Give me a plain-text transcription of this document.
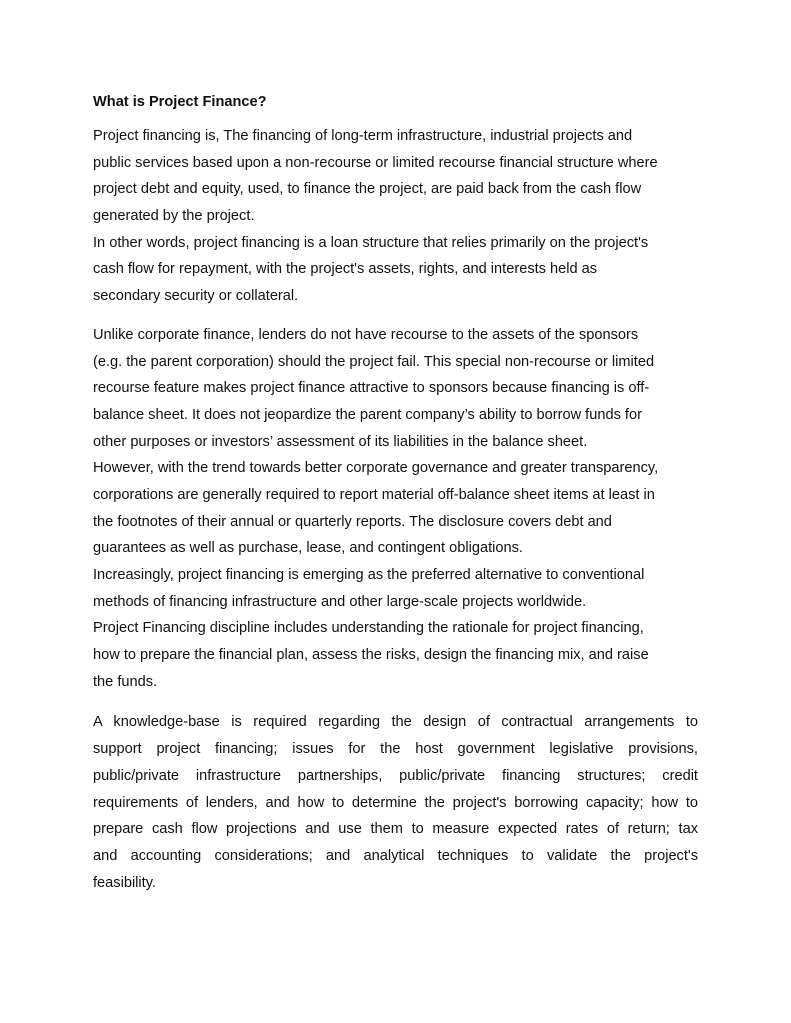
What is Project Finance?
Project financing is, The financing of long-term infrastructure, industrial projects and
public services based upon a non-recourse or limited recourse financial structure where
project debt and equity, used, to finance the project, are paid back from the cash flow
generated by the project.
In other words, project financing is a loan structure that relies primarily on the project's
cash flow for repayment, with the project's assets, rights, and interests held as
secondary security or collateral.
Unlike corporate finance, lenders do not have recourse to the assets of the sponsors
(e.g. the parent corporation) should the project fail. This special non-recourse or limited
recourse feature makes project finance attractive to sponsors because financing is off-
balance sheet. It does not jeopardize the parent company’s ability to borrow funds for
other purposes or investors’ assessment of its liabilities in the balance sheet.
However, with the trend towards better corporate governance and greater transparency,
corporations are generally required to report material off-balance sheet items at least in
the footnotes of their annual or quarterly reports. The disclosure covers debt and
guarantees as well as purchase, lease, and contingent obligations.
Increasingly, project financing is emerging as the preferred alternative to conventional
methods of financing infrastructure and other large-scale projects worldwide.
Project Financing discipline includes understanding the rationale for project financing,
how to prepare the financial plan, assess the risks, design the financing mix, and raise
the funds.
A knowledge-base is required regarding the design of contractual arrangements to
support project financing; issues for the host government legislative provisions,
public/private infrastructure partnerships, public/private financing structures; credit
requirements of lenders, and how to determine the project's borrowing capacity; how to
prepare cash flow projections and use them to measure expected rates of return; tax
and accounting considerations; and analytical techniques to validate the project's
feasibility.
